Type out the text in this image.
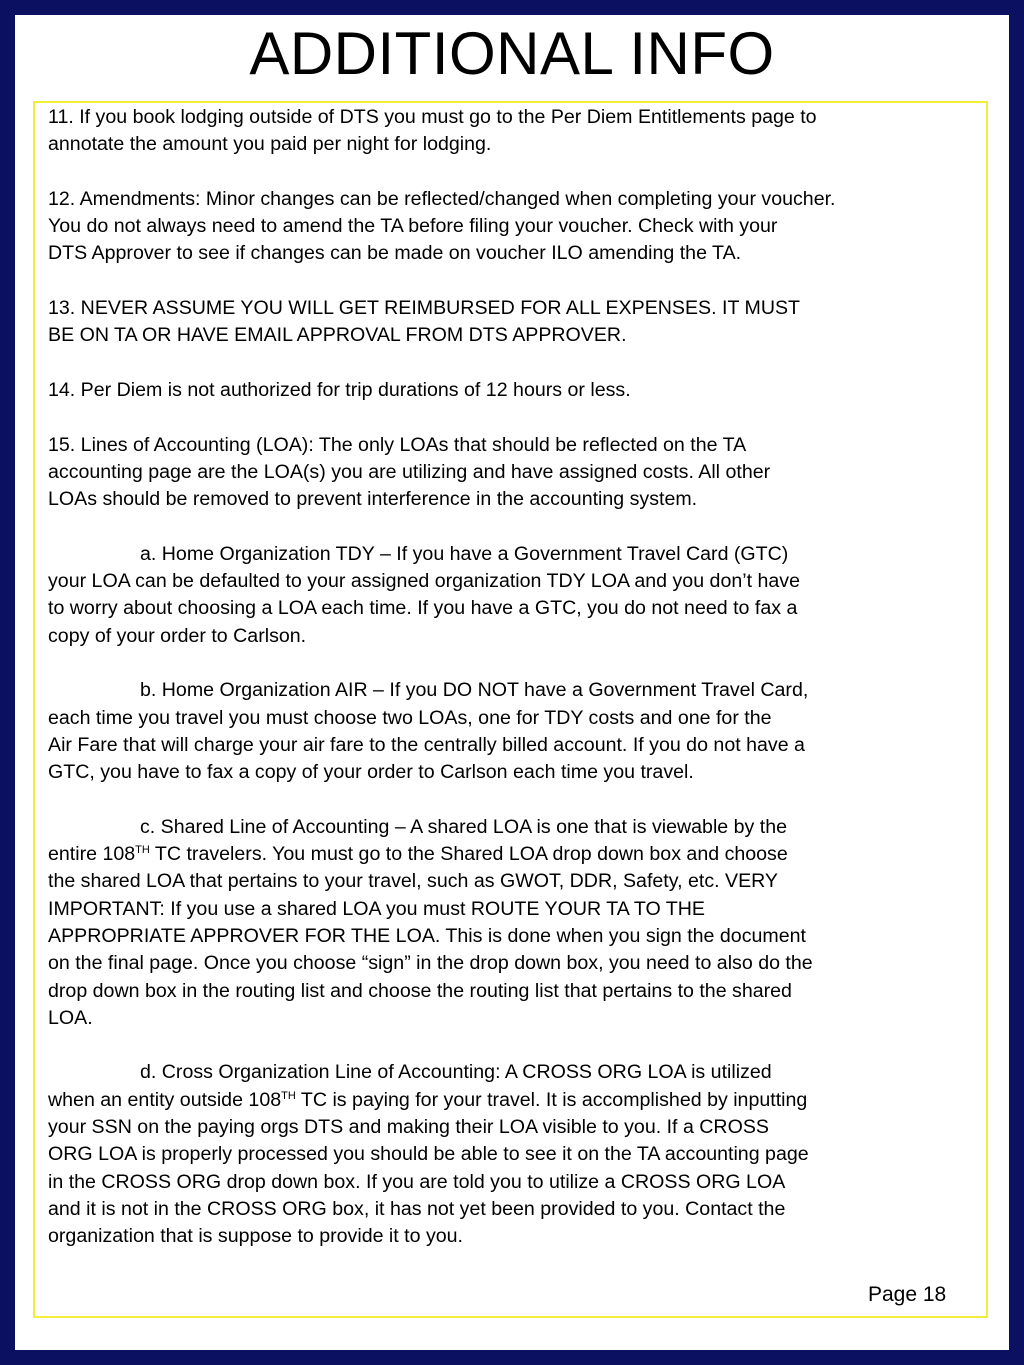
ADDITIONAL INFO

11. If you book lodging outside of DTS you must go to the Per Diem Entitlements page to

annotate the amount you paid per night for lodging.

12. Amendments: Minor changes can be reflected/changed when completing your voucher.

You do not always need to amend the TA before filing your voucher. Check with your

DTS Approver to see if changes can be made on voucher ILO amending the TA.

13. NEVER ASSUME YOU WILL GET REIMBURSED FOR ALL EXPENSES. IT MUST

BE ON TA OR HAVE EMAIL APPROVAL FROM DTS APPROVER.

14. Per Diem is not authorized for trip durations of 12 hours or less.

15. Lines of Accounting (LOA): The only LOAs that should be reflected on the TA

accounting page are the LOA(s) you are utilizing and have assigned costs. All other

LOAs should be removed to prevent interference in the accounting system.

a. Home Organization TDY – If you have a Government Travel Card (GTC)

your LOA can be defaulted to your assigned organization TDY LOA and you don’t have

to worry about choosing a LOA each time. If you have a GTC, you do not need to fax a

copy of your order to Carlson.

b. Home Organization AIR – If you DO NOT have a Government Travel Card,

each time you travel you must choose two LOAs, one for TDY costs and one for the

Air Fare that will charge your air fare to the centrally billed account. If you do not have a

GTC, you have to fax a copy of your order to Carlson each time you travel.

c. Shared Line of Accounting – A shared LOA is one that is viewable by the

entire 108TH TC travelers. You must go to the Shared LOA drop down box and choose

the shared LOA that pertains to your travel, such as GWOT, DDR, Safety, etc. VERY

IMPORTANT: If you use a shared LOA you must ROUTE YOUR TA TO THE

APPROPRIATE APPROVER FOR THE LOA. This is done when you sign the document

on the final page. Once you choose “sign” in the drop down box, you need to also do the

drop down box in the routing list and choose the routing list that pertains to the shared

LOA.

d. Cross Organization Line of Accounting: A CROSS ORG LOA is utilized

when an entity outside 108TH TC is paying for your travel. It is accomplished by inputting

your SSN on the paying orgs DTS and making their LOA visible to you. If a CROSS

ORG LOA is properly processed you should be able to see it on the TA accounting page

in the CROSS ORG drop down box. If you are told you to utilize a CROSS ORG LOA

and it is not in the CROSS ORG box, it has not yet been provided to you. Contact the

organization that is suppose to provide it to you.

Page 18
